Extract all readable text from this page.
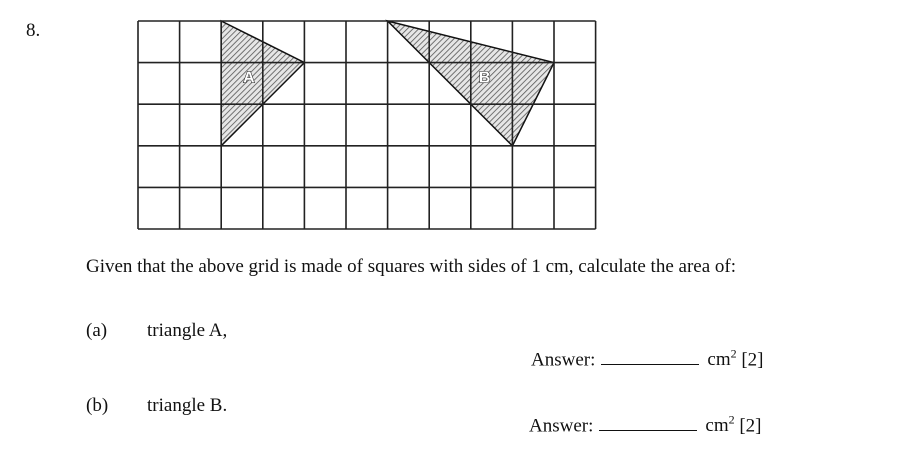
8.
A	B
Given that the above grid is made of squares with sides of 1 cm, calculate the area of:
(a) triangle A,
Answer:	$cm^2$ [2]
(b) triangle B.
Answer:	$cm^2$ [2]
